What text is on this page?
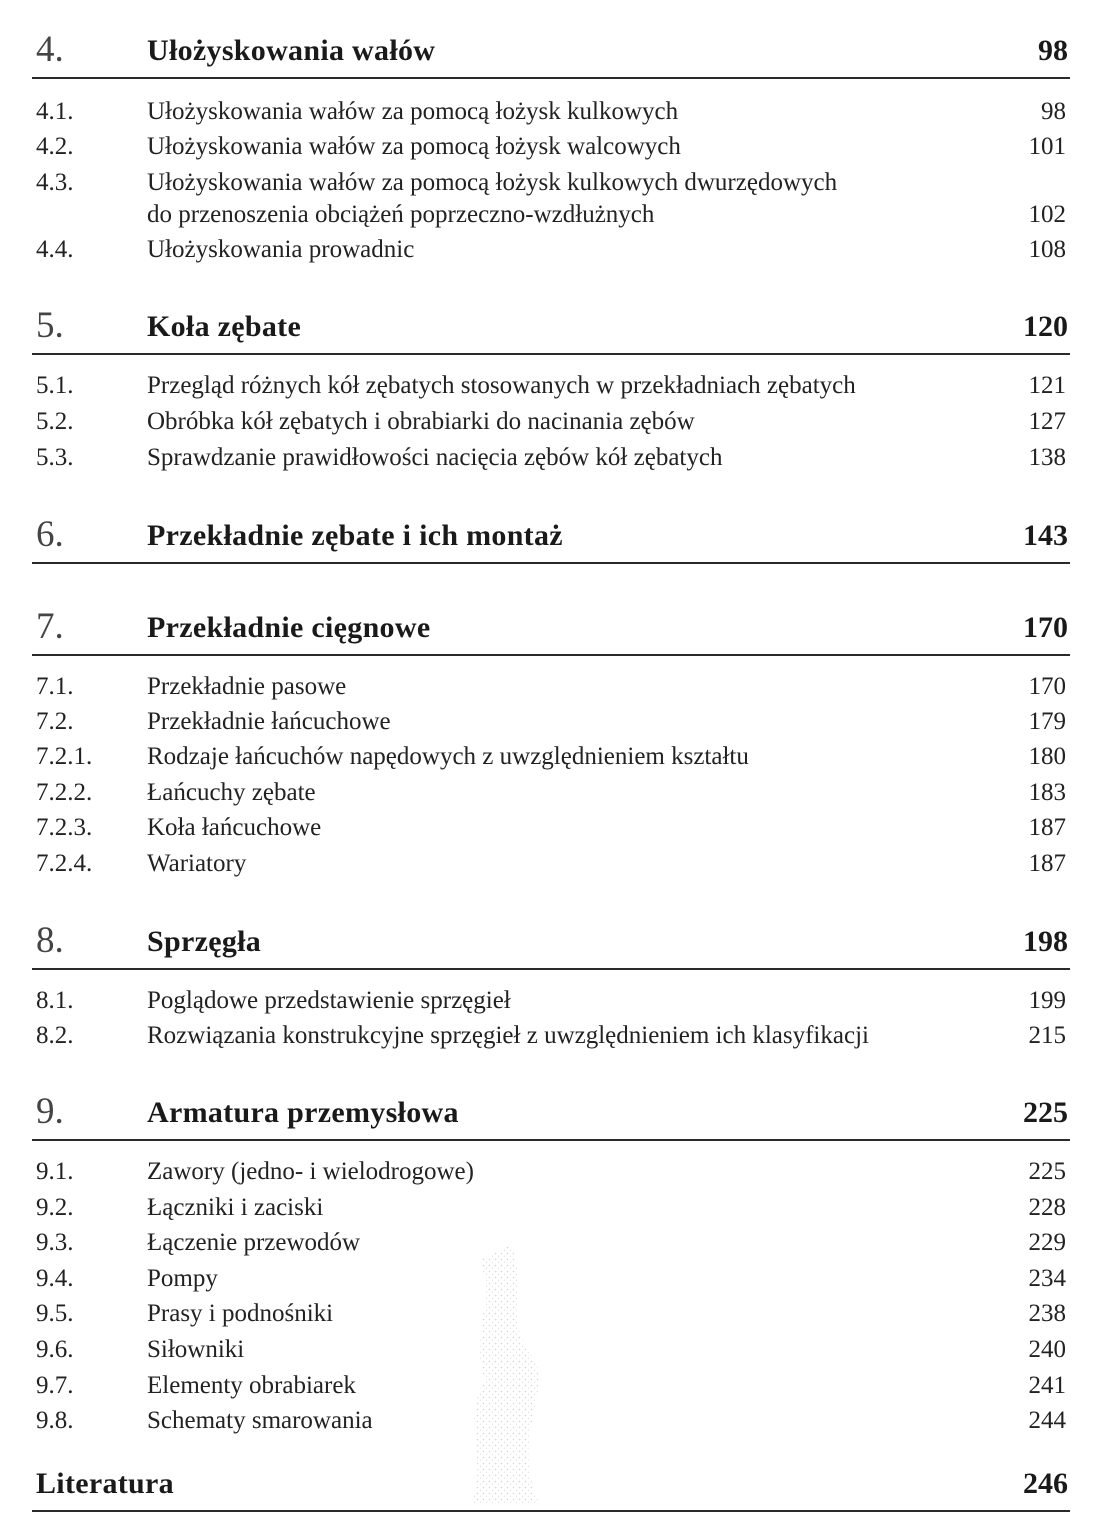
4.	Ułożyskowania wałów	98
4.1.	Ułożyskowania wałów za pomocą łożysk kulkowych	98
4.2.	Ułożyskowania wałów za pomocą łożysk walcowych	101
4.3.	Ułożyskowania wałów za pomocą łożysk kulkowych dwurzędowych
do przenoszenia obciążeń poprzeczno-wzdłużnych	102
4.4.	Ułożyskowania prowadnic	108
5.	Koła zębate	120
5.1.	Przegląd różnych kół zębatych stosowanych w przekładniach zębatych	121
5.2.	Obróbka kół zębatych i obrabiarki do nacinania zębów	127
5.3.	Sprawdzanie prawidłowości nacięcia zębów kół zębatych	138
6.	Przekładnie zębate i ich montaż	143
7.	Przekładnie cięgnowe	170
7.1.	Przekładnie pasowe	170
7.2.	Przekładnie łańcuchowe	179
7.2.1. Rodzaje łańcuchów napędowych z uwzględnieniem kształtu	180
7.2.2. Łańcuchy zębate	183
7.2.3. Koła łańcuchowe	187
7.2.4. Wariatory	187
8.	Sprzęgła	198
8.1.	Poglądowe przedstawienie sprzęgieł	199
8.2.	Rozwiązania konstrukcyjne sprzęgieł z uwzględnieniem ich klasyfikacji	215
9.	Armatura przemysłowa	225
9.1.	Zawory (jedno- i wielodrogowe)	225
9.2.	Łączniki i zaciski	228
9.3.	Łączenie przewodów	229
9.4.	Pompy	234
9.5.	Prasy i podnośniki	238
9.6.	Siłowniki	240
9.7.	Elementy obrabiarek	241
9.8.	Schematy smarowania	244
Literatura	246
